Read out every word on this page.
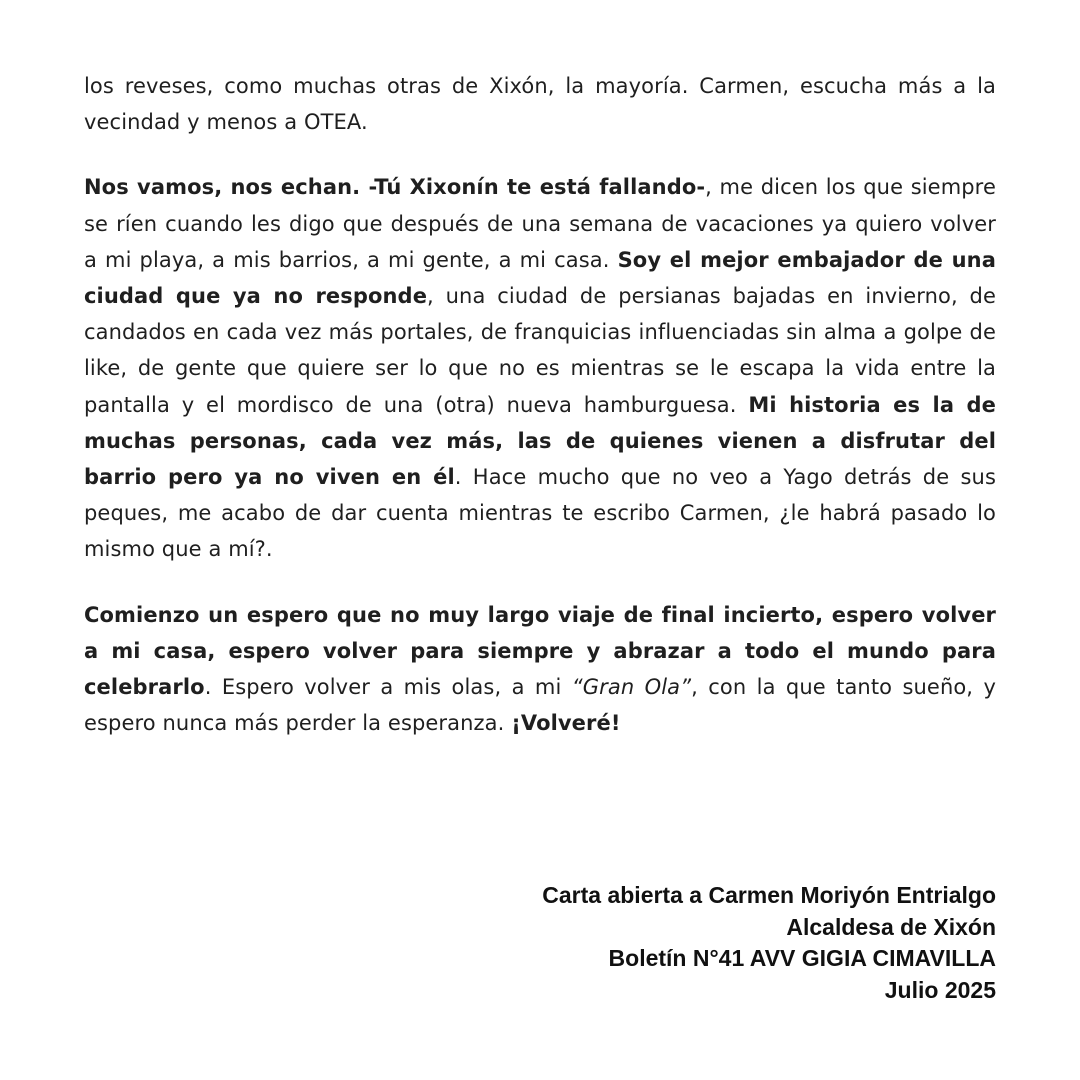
los reveses, como muchas otras de Xixón, la mayoría. Carmen, escucha más a la vecindad y menos a OTEA.

Nos vamos, nos echan. -Tú Xixonín te está fallando-, me dicen los que siempre se ríen cuando les digo que después de una semana de vacaciones ya quiero volver a mi playa, a mis barrios, a mi gente, a mi casa. Soy el mejor embajador de una ciudad que ya no responde, una ciudad de persianas bajadas en invierno, de candados en cada vez más portales, de franquicias influenciadas sin alma a golpe de like, de gente que quiere ser lo que no es mientras se le escapa la vida entre la pantalla y el mordisco de una (otra) nueva hamburguesa. Mi historia es la de muchas personas, cada vez más, las de quienes vienen a disfrutar del barrio pero ya no viven en él. Hace mucho que no veo a Yago detrás de sus peques, me acabo de dar cuenta mientras te escribo Carmen, ¿le habrá pasado lo mismo que a mí?.

Comienzo un espero que no muy largo viaje de final incierto, espero volver a mi casa, espero volver para siempre y abrazar a todo el mundo para celebrarlo. Espero volver a mis olas, a mi “Gran Ola”, con la que tanto sueño, y espero nunca más perder la esperanza. ¡Volveré!

Carta abierta a Carmen Moriyón Entrialgo
Alcaldesa de Xixón
Boletín N°41 AVV GIGIA CIMAVILLA
Julio 2025
